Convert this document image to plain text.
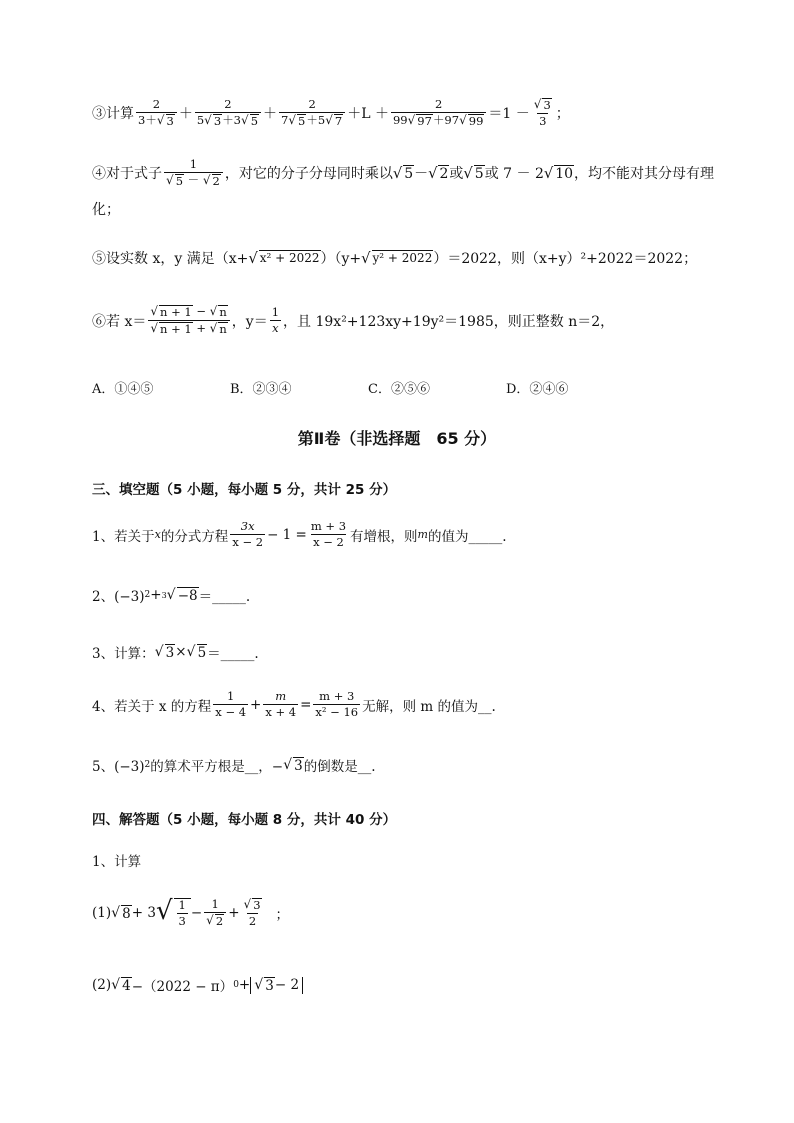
③计算 $\frac{2}{3+ √ 3} + \frac{2}{5 √ 3 +3 √ 5} + \frac{2}{7 √ 5 +5 √ 7} +L + \frac{2}{99 √ 97 +97 √ 99} =1 - \frac{√ 3}{3}$ ；
④对于式子 $\frac{1}{√ 5 - √ 2}$ ，对它的分子分母同时乘以 √ 5 － √ 2 或 √ 5 或 7 － 2 √ 10 ，均不能对其分母有理
化；
⑤设实数 x，y 满足（x+ √ x² + 2022 ）（y+ √ y² + 2022 ）＝2022，则（x+y）²+2022＝2022；
⑥若 $x= \frac{√ n + 1 - √ n}{√ n + 1 + √ n}$ ，$y= \frac{1}{x}$ ，且 19x²+123xy+19y²＝1985，则正整数 n＝2，
A．①④⑤	B．②③④	C．②⑤⑥	D．②④⑥
第Ⅱ卷（非选择题　65 分）
三、填空题（5 小题，每小题 5 分，共计 25 分）
1、若关于 x 的分式方程 $\frac{3x}{x - 2} - 1 = \frac{m + 3}{x - 2}$ 有增根，则 m 的值为_____.
2、(−3) 2 + 3 √ −8 ＝_____.
3、计算： √ 3 × √ 5 ＝_____.
4、若关于 x 的方程 $\frac{1}{x - 4} + \frac{m}{x + 4} = \frac{m + 3}{\text{x² − 16}}$ 无解，则 m 的值为__.
5、(−3) 2 的算术平方根是__，− √ 3 的倒数是__.
四、解答题（5 小题，每小题 8 分，共计 40 分）
1、计算
(1) √ 8 + 3 √ $\frac{1}{3} - \frac{1}{√ 2} + \frac{√ 3}{2}$ ；
(2) √ 4 −（2022 − π） 0 + √ 3 − 2
